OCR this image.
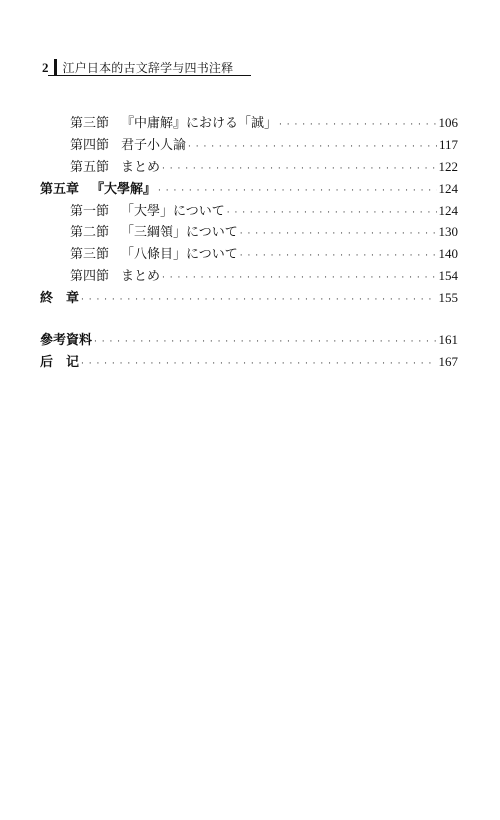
2	江户日本的古文辞学与四书注释
第三節 『中庸解』における「誠」 · · ·	106
第四節 君子小人論 · · ·	117
第五節 まとめ · · ·	122
第五章 『大學解』 · · ·	124
第一節 「大學」について · · ·	124
第二節 「三綱領」について · · ·	130
第三節 「八條目」について · · ·	140
第四節 まとめ · · ·	154
終　章 · · ·	155
參考資料 · · ·	161
后　记 · · ·	167
